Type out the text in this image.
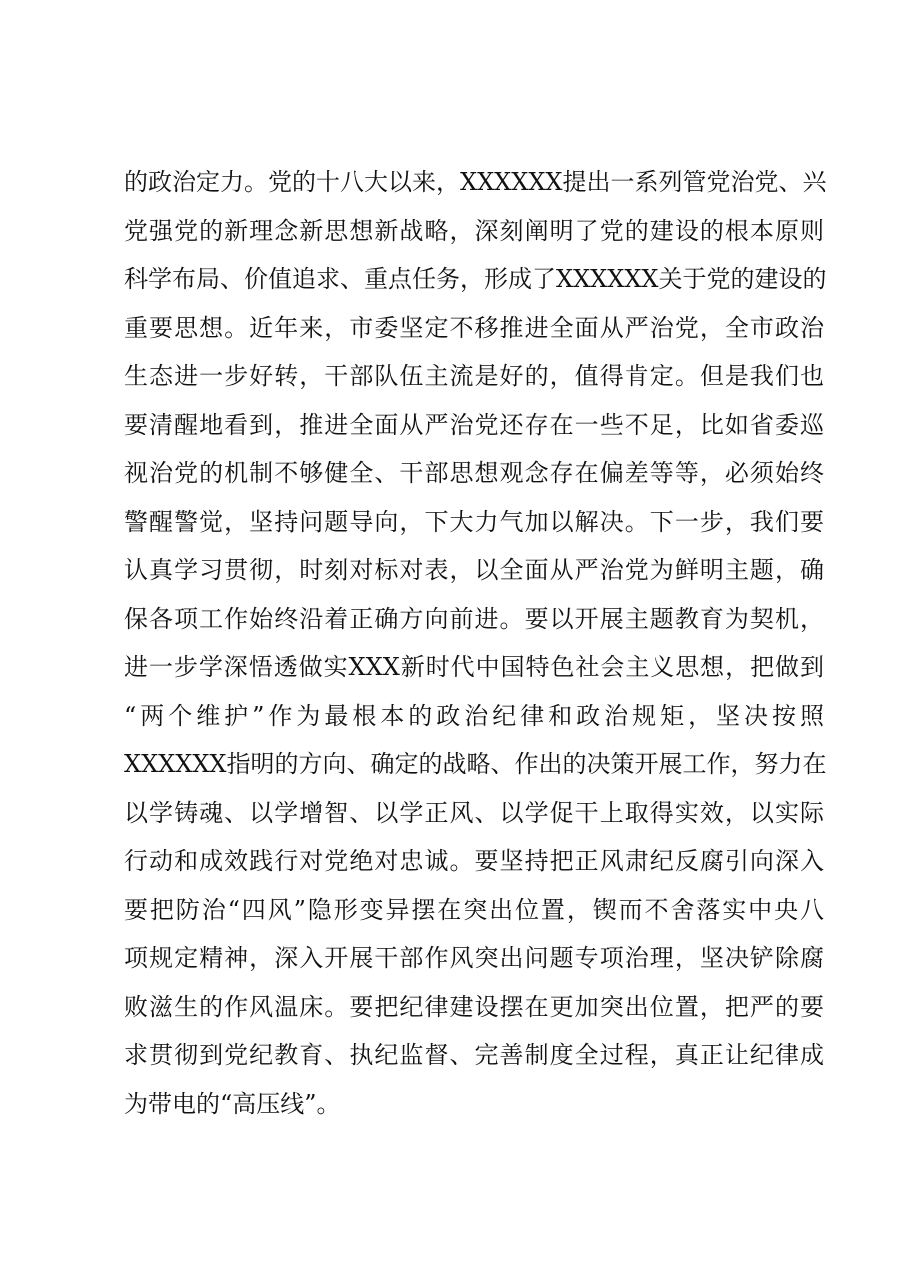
的政治定力。党的十八大以来，XXXXXX提出一系列管党治党、兴
党强党的新理念新思想新战略，深刻阐明了党的建设的根本原则
科学布局、价值追求、重点任务，形成了XXXXXX关于党的建设的
重要思想。近年来，市委坚定不移推进全面从严治党，全市政治
生态进一步好转，干部队伍主流是好的，值得肯定。但是我们也
要清醒地看到，推进全面从严治党还存在一些不足，比如省委巡
视治党的机制不够健全、干部思想观念存在偏差等等，必须始终
警醒警觉，坚持问题导向，下大力气加以解决。下一步，我们要
认真学习贯彻，时刻对标对表，以全面从严治党为鲜明主题，确
保各项工作始终沿着正确方向前进。要以开展主题教育为契机，
进一步学深悟透做实XXX新时代中国特色社会主义思想，把做到
“两个维护”作为最根本的政治纪律和政治规矩，坚决按照
XXXXXX指明的方向、确定的战略、作出的决策开展工作，努力在
以学铸魂、以学增智、以学正风、以学促干上取得实效，以实际
行动和成效践行对党绝对忠诚。要坚持把正风肃纪反腐引向深入
要把防治“四风”隐形变异摆在突出位置，锲而不舍落实中央八
项规定精神，深入开展干部作风突出问题专项治理，坚决铲除腐
败滋生的作风温床。要把纪律建设摆在更加突出位置，把严的要
求贯彻到党纪教育、执纪监督、完善制度全过程，真正让纪律成
为带电的“高压线”。
